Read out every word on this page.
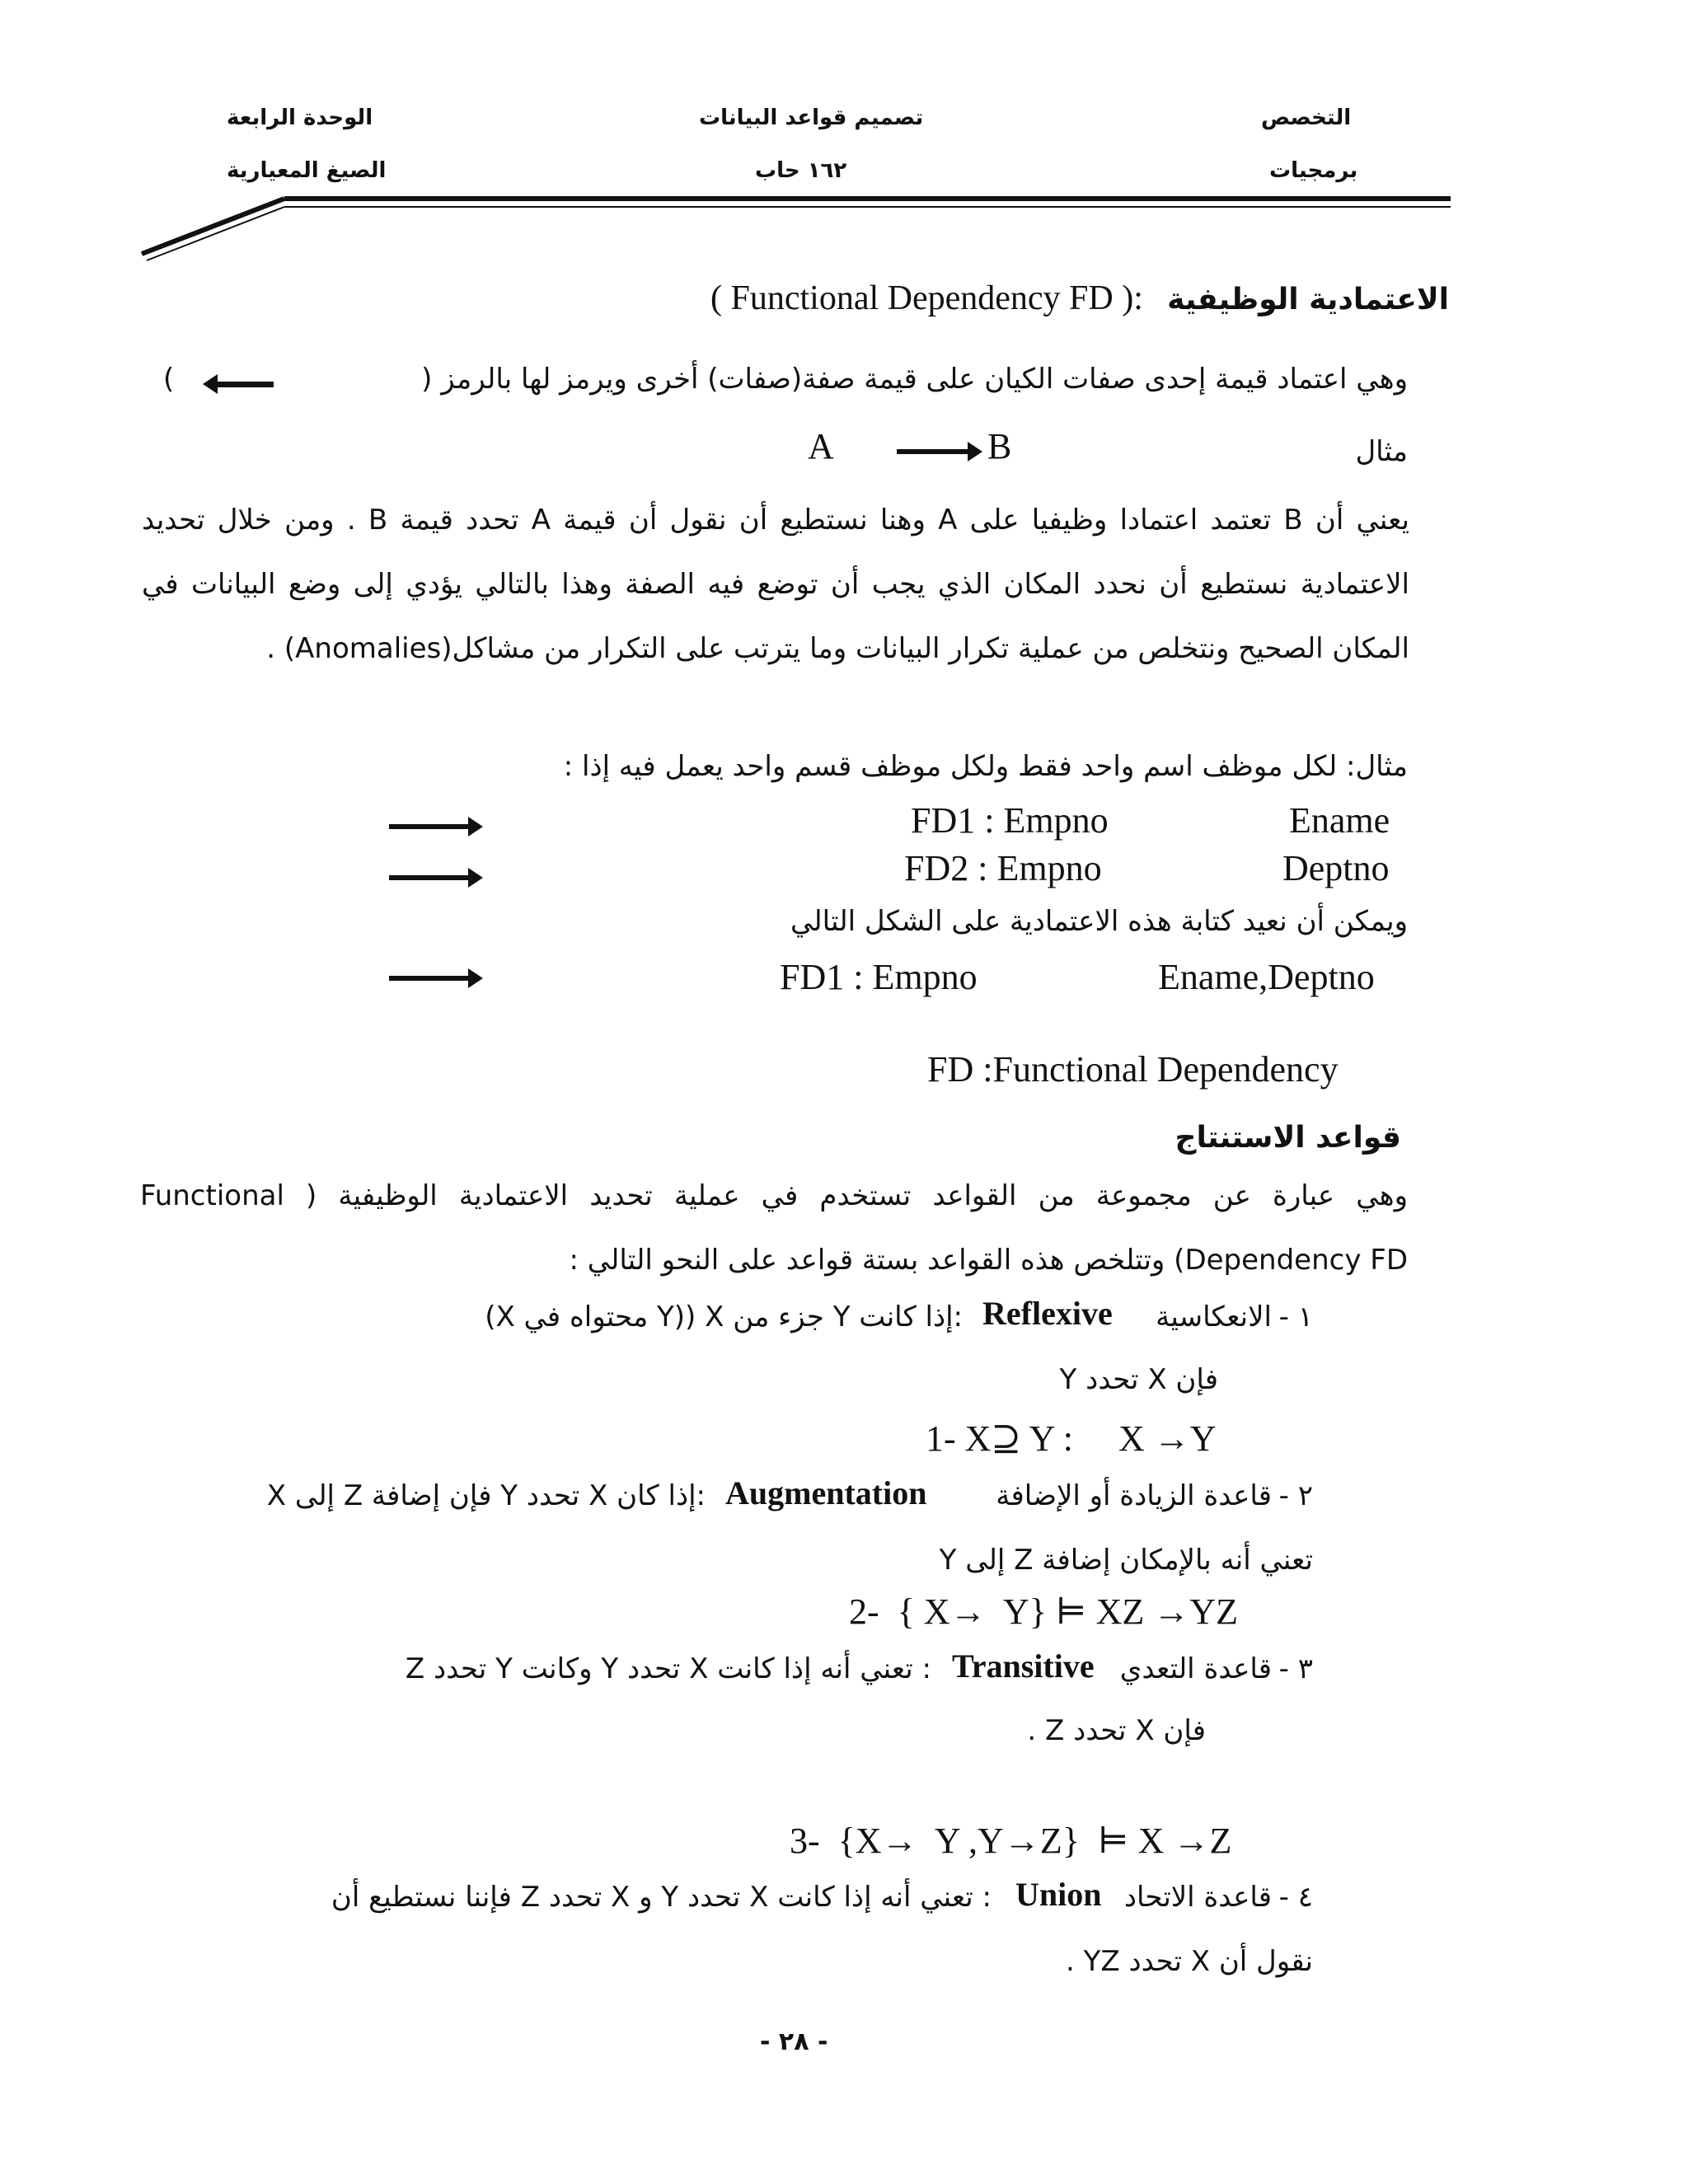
الوحدة الرابعة
الصيغ المعيارية
تصميم قواعد البيانات
١٦٢ حاب
التخصص
برمجيات
الاعتمادية الوظيفية
( Functional Dependency FD ):
وهي اعتماد قيمة إحدى صفات الكيان على قيمة صفة(صفات) أخرى ويرمز لها بالرمز (
)
مثال
A	B
يعني أن B تعتمد اعتمادا وظيفيا على A وهنا نستطيع أن نقول أن قيمة A تحدد قيمة B . ومن خلال تحديد الاعتمادية نستطيع أن نحدد المكان الذي يجب أن توضع فيه الصفة وهذا بالتالي يؤدي إلى وضع البيانات في المكان الصحيح ونتخلص من عملية تكرار البيانات وما يترتب على التكرار من مشاكل(Anomalies) .
مثال: لكل موظف اسم واحد فقط ولكل موظف قسم واحد يعمل فيه إذا :
FD1 : Empno	Ename
FD2 : Empno	Deptno
ويمكن أن نعيد كتابة هذه الاعتمادية على الشكل التالي
FD1 : Empno	Ename,Deptno
FD :Functional Dependency
قواعد الاستنتاج
وهي عبارة عن مجموعة من القواعد تستخدم في عملية تحديد الاعتمادية الوظيفية ( Functional Dependency FD) وتتلخص هذه القواعد بستة قواعد على النحو التالي :
١ -
الانعكاسية
Reflexive
:إذا كانت Y جزء من X ((Y محتواه في X)
فإن X تحدد Y
1- X⊇ Y :     X →Y
٢ -
قاعدة الزيادة أو الإضافة
Augmentation
:إذا كان X تحدد Y فإن إضافة Z إلى X
تعني أنه بالإمكان إضافة Z إلى Y
2-  { X→  Y} ⊨ XZ →YZ
٣ -
قاعدة التعدي
Transitive
: تعني أنه إذا كانت X تحدد Y وكانت Y تحدد Z
فإن X تحدد Z .
3-  {X→  Y ,Y→Z}  ⊨ X →Z
٤ -
قاعدة الاتحاد
Union
: تعني أنه إذا كانت X تحدد Y و X تحدد Z فإننا نستطيع أن
نقول أن X تحدد YZ .
- ٢٨ -
